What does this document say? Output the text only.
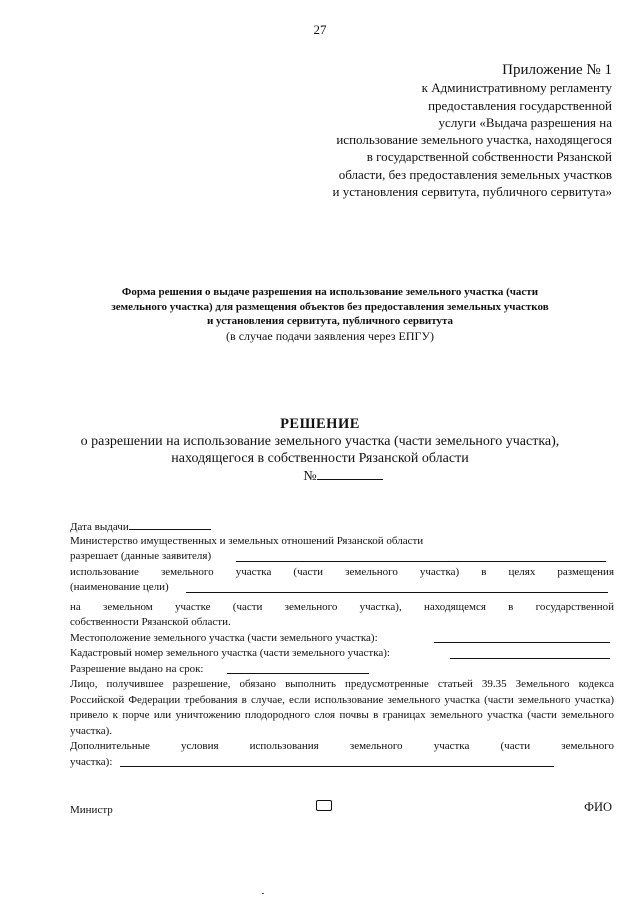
27
Приложение № 1
к Административному регламенту
предоставления государственной
услуги «Выдача разрешения на
использование земельного участка, находящегося
в государственной собственности Рязанской
области, без предоставления земельных участков
и установления сервитута, публичного сервитута»
Форма решения о выдаче разрешения на использование земельного участка (части
земельного участка) для размещения объектов без предоставления земельных участков
и установления сервитута, публичного сервитута
(в случае подачи заявления через ЕПГУ)
РЕШЕНИЕ
о разрешении на использование земельного участка (части земельного участка),
находящегося в собственности Рязанской области
№
Дата выдачи
Министерство имущественных и земельных отношений Рязанской области
разрешает (данные заявителя)
использование земельного участка (части земельного участка) в целях размещения
(наименование цели)
на земельном участке (части земельного участка), находящемся в государственной
собственности Рязанской области.
Местоположение земельного участка (части земельного участка):
Кадастровый номер земельного участка (части земельного участка):
Разрешение выдано на срок:
Лицо, получившее разрешение, обязано выполнить предусмотренные статьей 39.35 Земельного кодекса Российской Федерации требования в случае, если использование земельного участка (части земельного участка) привело к порче или уничтожению плодородного слоя почвы в границах земельного участка (части земельного участка).
Дополнительные условия использования земельного участка (части земельного
участка):
Министр	ФИО
